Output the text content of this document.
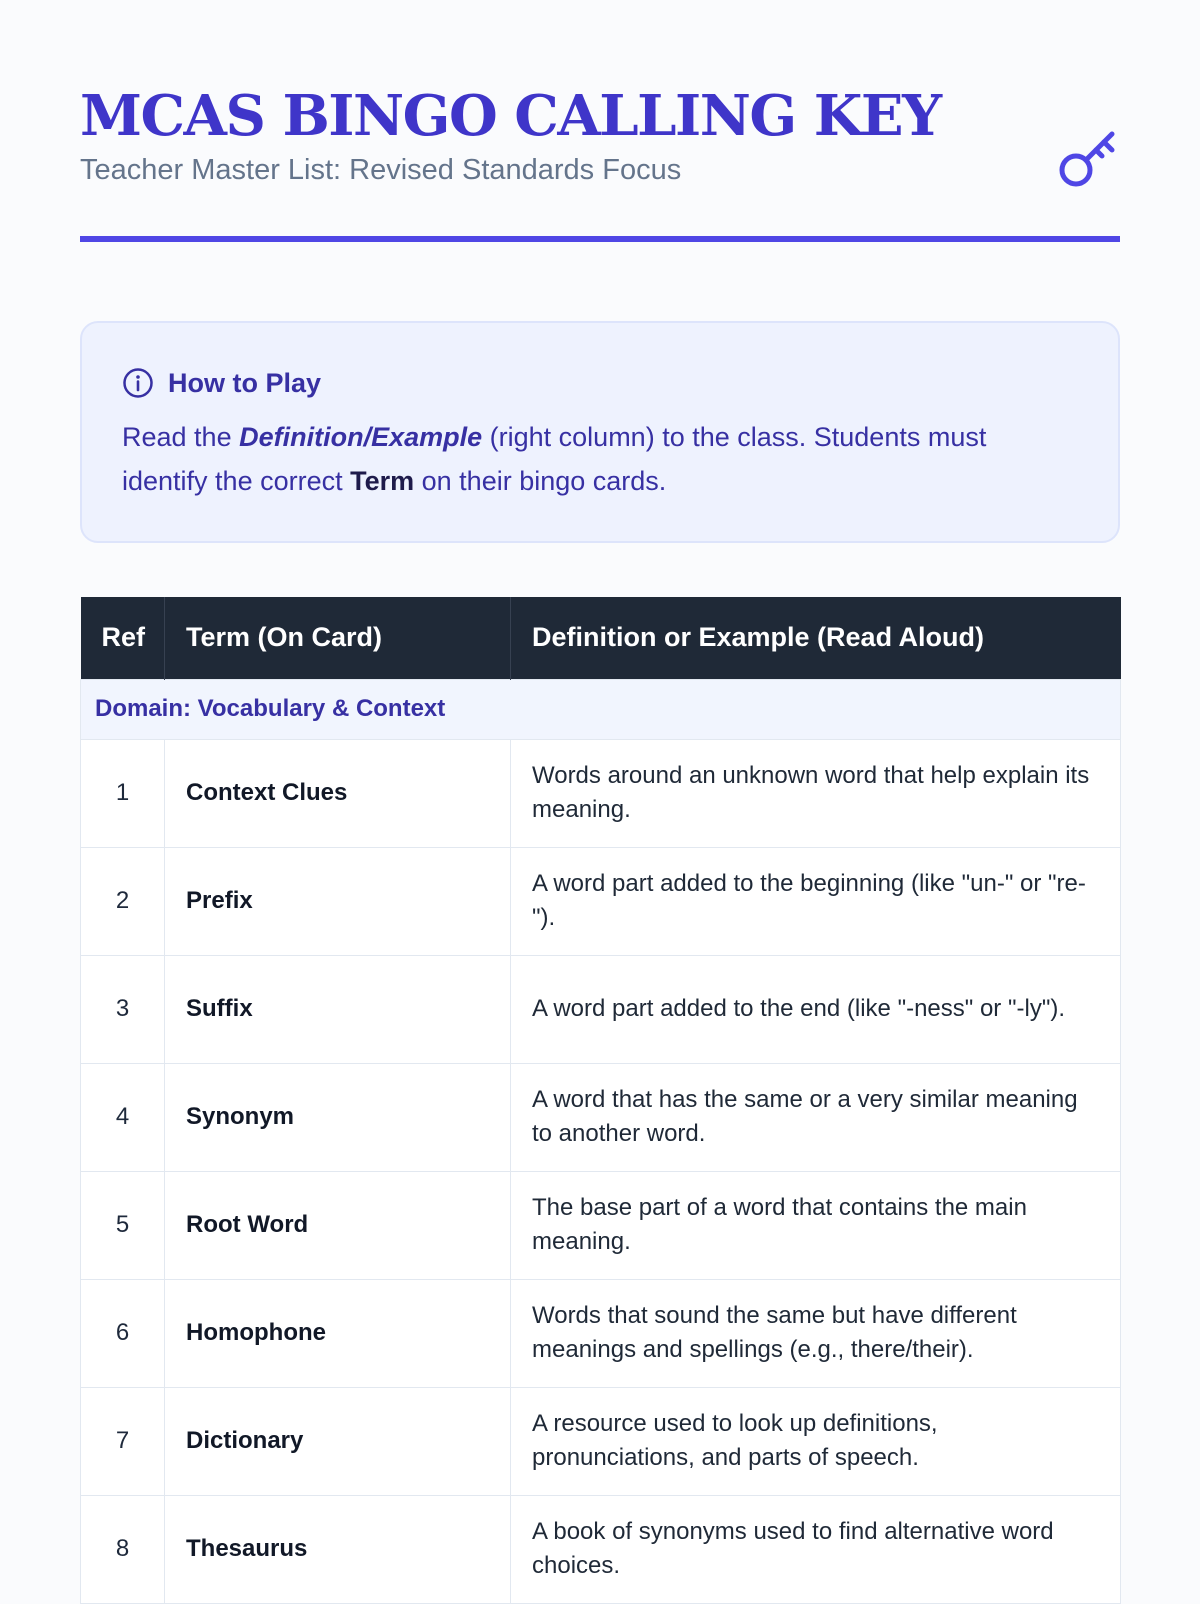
MCAS BINGO CALLING KEY
Teacher Master List: Revised Standards Focus
How to Play
Read the Definition/Example (right column) to the class. Students must identify the correct Term on their bingo cards.
Ref	Term (On Card)	Definition or Example (Read Aloud)
Domain: Vocabulary & Context		
1	Context Clues	Words around an unknown word that help explain its meaning.
2	Prefix	A word part added to the beginning (like "un-" or "re-").
3	Suffix	A word part added to the end (like "-ness" or "-ly").
4	Synonym	A word that has the same or a very similar meaning to another word.
5	Root Word	The base part of a word that contains the main meaning.
6	Homophone	Words that sound the same but have different meanings and spellings (e.g., there/their).
7	Dictionary	A resource used to look up definitions, pronunciations, and parts of speech.
8	Thesaurus	A book of synonyms used to find alternative word choices.
